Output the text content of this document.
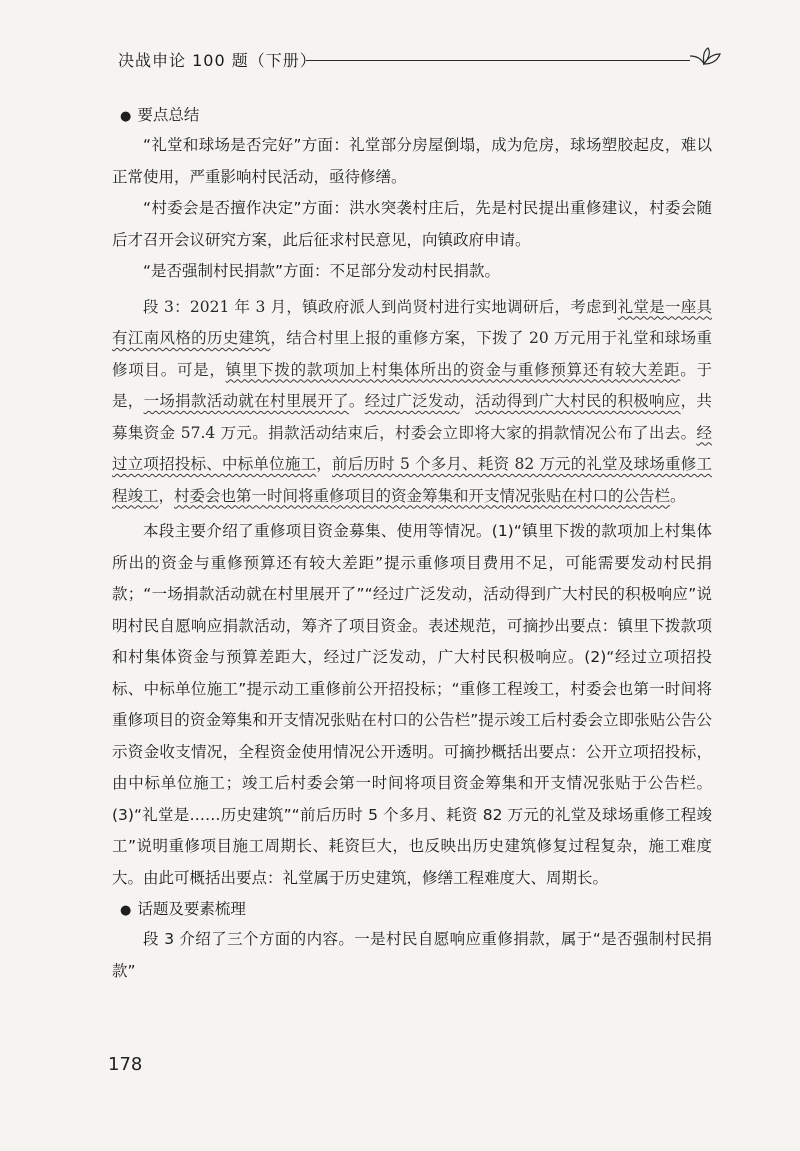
决战申论 100 题（下册）
● 要点总结

“礼堂和球场是否完好”方面：礼堂部分房屋倒塌，成为危房，球场塑胶起皮，难以正常使用，严重影响村民活动，亟待修缮。

“村委会是否擅作决定”方面：洪水突袭村庄后，先是村民提出重修建议，村委会随后才召开会议研究方案，此后征求村民意见，向镇政府申请。

“是否强制村民捐款”方面：不足部分发动村民捐款。

段 3：2021 年 3 月，镇政府派人到尚贤村进行实地调研后，考虑到礼堂是一座具有江南风格的历史建筑，结合村里上报的重修方案，下拨了 20 万元用于礼堂和球场重修项目。可是，镇里下拨的款项加上村集体所出的资金与重修预算还有较大差距。于是，一场捐款活动就在村里展开了。经过广泛发动，活动得到广大村民的积极响应，共募集资金 57.4 万元。捐款活动结束后，村委会立即将大家的捐款情况公布了出去。经过立项招投标、中标单位施工，前后历时 5 个多月、耗资 82 万元的礼堂及球场重修工程竣工，村委会也第一时间将重修项目的资金筹集和开支情况张贴在村口的公告栏。

本段主要介绍了重修项目资金募集、使用等情况。(1)“镇里下拨的款项加上村集体所出的资金与重修预算还有较大差距”提示重修项目费用不足，可能需要发动村民捐款；“一场捐款活动就在村里展开了”“经过广泛发动，活动得到广大村民的积极响应”说明村民自愿响应捐款活动，筹齐了项目资金。表述规范，可摘抄出要点：镇里下拨款项和村集体资金与预算差距大，经过广泛发动，广大村民积极响应。(2)“经过立项招投标、中标单位施工”提示动工重修前公开招投标；“重修工程竣工，村委会也第一时间将重修项目的资金筹集和开支情况张贴在村口的公告栏”提示竣工后村委会立即张贴公告公示资金收支情况，全程资金使用情况公开透明。可摘抄概括出要点：公开立项招投标，由中标单位施工；竣工后村委会第一时间将项目资金筹集和开支情况张贴于公告栏。(3)“礼堂是……历史建筑”“前后历时 5 个多月、耗资 82 万元的礼堂及球场重修工程竣工”说明重修项目施工周期长、耗资巨大，也反映出历史建筑修复过程复杂，施工难度大。由此可概括出要点：礼堂属于历史建筑，修缮工程难度大、周期长。

● 话题及要素梳理

段 3 介绍了三个方面的内容。一是村民自愿响应重修捐款，属于“是否强制村民捐款”

178
